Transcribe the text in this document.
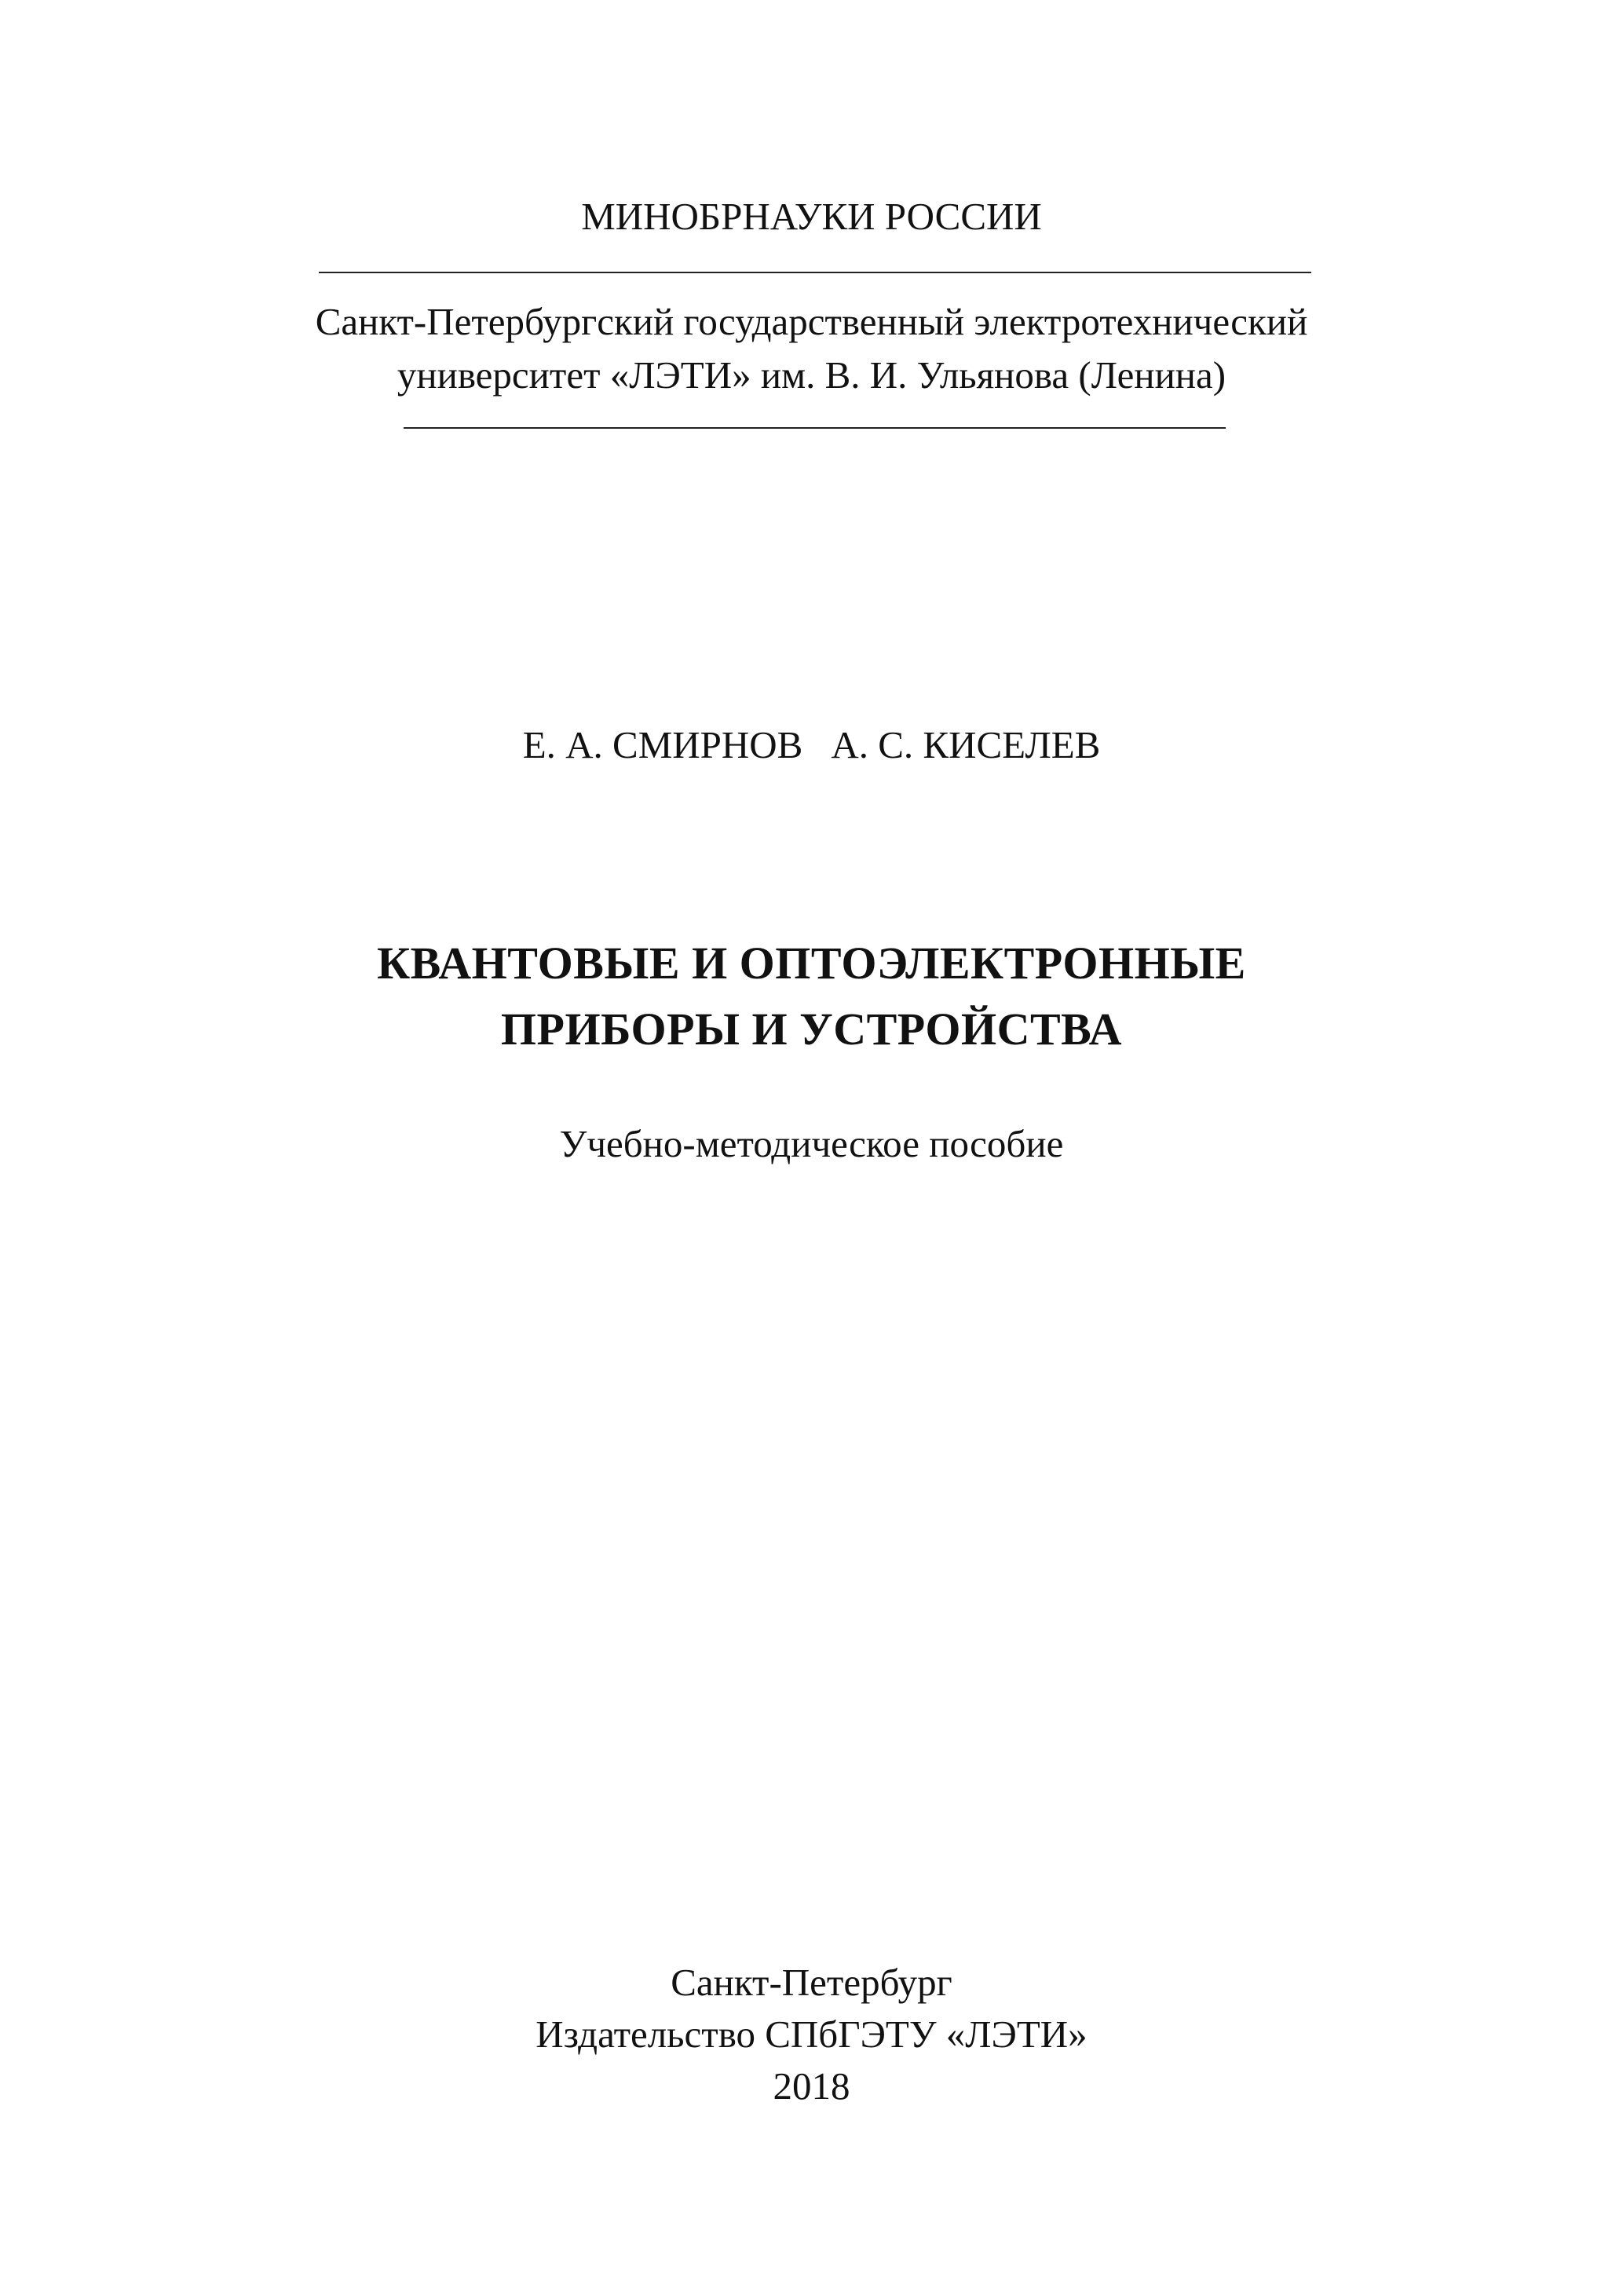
МИНОБРНАУКИ РОССИИ
Санкт-Петербургский государственный электротехнический
университет «ЛЭТИ» им. В. И. Ульянова (Ленина)
Е. А. СМИРНОВ А. С. КИСЕЛЕВ
КВАНТОВЫЕ И ОПТОЭЛЕКТРОННЫЕ
ПРИБОРЫ И УСТРОЙСТВА
Учебно-методическое пособие
Санкт-Петербург
Издательство СПбГЭТУ «ЛЭТИ»
2018
